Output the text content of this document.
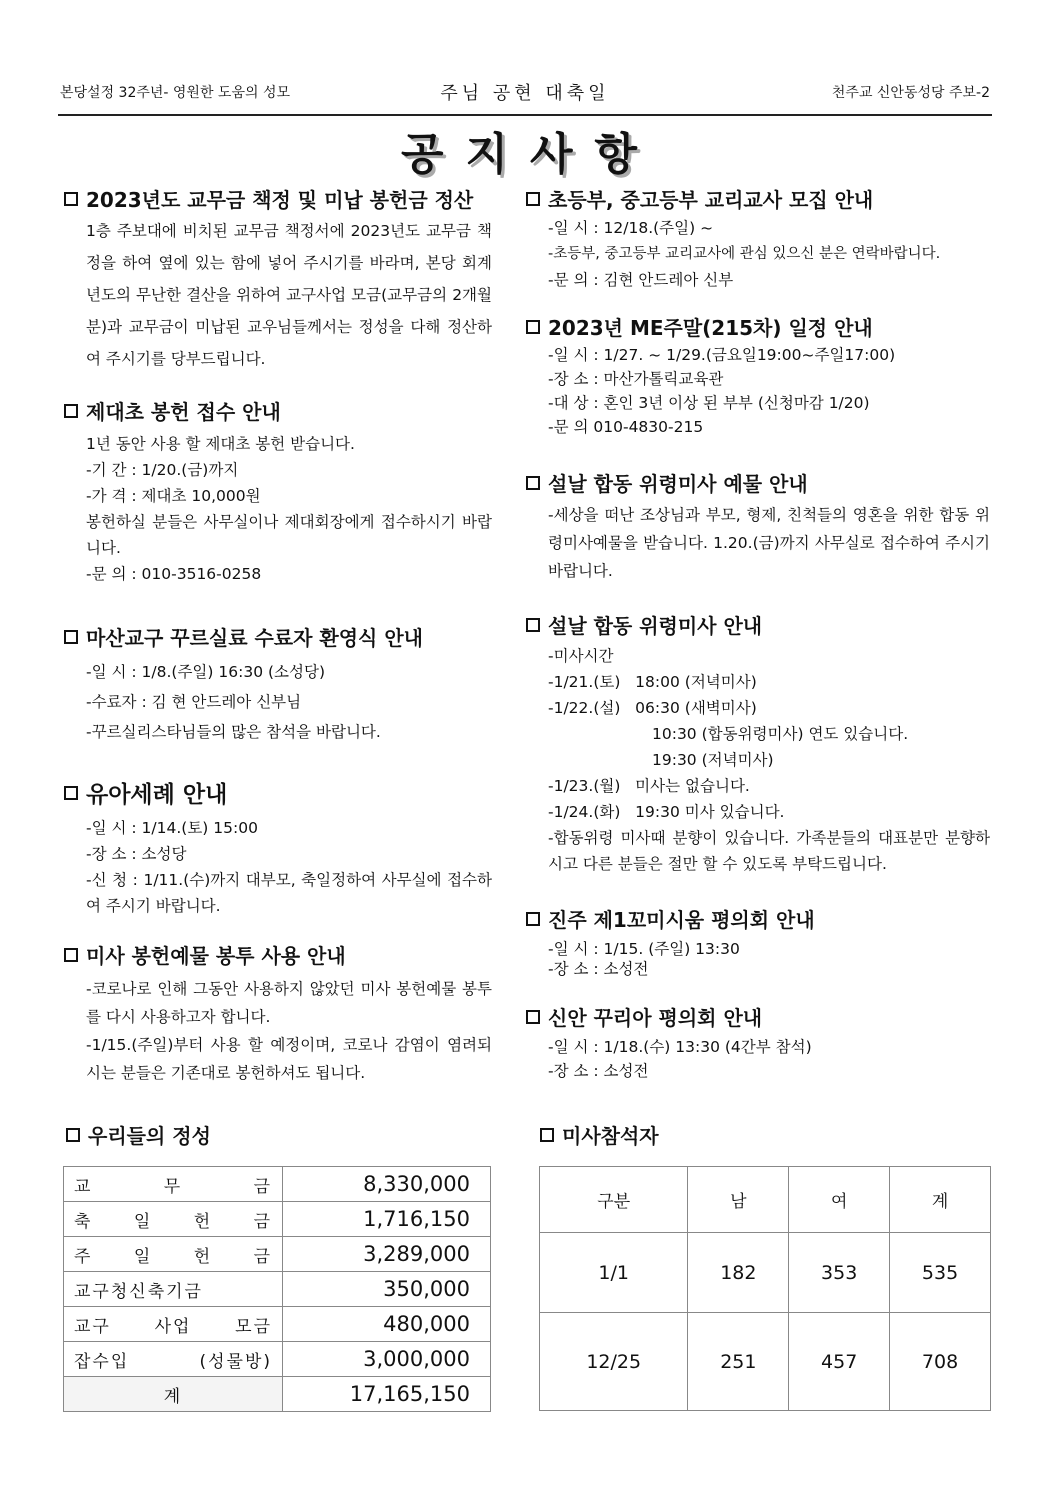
본당설정 32주년- 영원한 도움의 성모	주님 공현 대축일	천주교 신안동성당 주보-2
공지사항
2023년도 교무금 책정 및 미납 봉헌금 정산

1층 주보대에 비치된 교무금 책정서에 2023년도 교무금 책정을 하여 옆에 있는 함에 넣어 주시기를 바라며, 본당 회계년도의 무난한 결산을 위하여 교구사업 모금(교무금의 2개월분)과 교무금이 미납된 교우님들께서는 정성을 다해 정산하여 주시기를 당부드립니다.

제대초 봉헌 접수 안내

1년 동안 사용 할 제대초 봉헌 받습니다.

-기 간 : 1/20.(금)까지

-가 격 : 제대초 10,000원

봉헌하실 분들은 사무실이나 제대회장에게 접수하시기 바랍니다.

-문 의 : 010-3516-0258

마산교구 꾸르실료 수료자 환영식 안내

-일 시 : 1/8.(주일) 16:30 (소성당)

-수료자 : 김 현 안드레아 신부님

-꾸르실리스타님들의 많은 참석을 바랍니다.

유아세례 안내

-일 시 : 1/14.(토) 15:00

-장 소 : 소성당

-신 청 : 1/11.(수)까지 대부모, 축일정하여 사무실에 접수하여 주시기 바랍니다.

미사 봉헌예물 봉투 사용 안내

-코로나로 인해 그동안 사용하지 않았던 미사 봉헌예물 봉투를 다시 사용하고자 합니다.

-1/15.(주일)부터 사용 할 예정이며, 코로나 감염이 염려되시는 분들은 기존대로 봉헌하셔도 됩니다.

초등부, 중고등부 교리교사 모집 안내

-일 시 : 12/18.(주일) ~

-초등부, 중고등부 교리교사에 관심 있으신 분은 연락바랍니다.

-문 의 : 김현 안드레아 신부

2023년 ME주말(215차) 일정 안내

-일 시 : 1/27. ~ 1/29.(금요일19:00~주일17:00)

-장 소 : 마산가톨릭교육관

-대 상 : 혼인 3년 이상 된 부부 (신청마감 1/20)

-문 의 010-4830-215

설날 합동 위령미사 예물 안내

-세상을 떠난 조상님과 부모, 형제, 친척들의 영혼을 위한 합동 위령미사예물을 받습니다. 1.20.(금)까지 사무실로 접수하여 주시기 바랍니다.

설날 합동 위령미사 안내

-미사시간

-1/21.(토)   18:00 (저녁미사)

-1/22.(설)   06:30 (새벽미사)

10:30 (합동위령미사) 연도 있습니다.

19:30 (저녁미사)

-1/23.(월)   미사는 없습니다.

-1/24.(화)   19:30 미사 있습니다.

-합동위령 미사때 분향이 있습니다. 가족분들의 대표분만 분향하시고 다른 분들은 절만 할 수 있도록 부탁드립니다.

진주 제1꼬미시움 평의회 안내

-일 시 : 1/15. (주일) 13:30

-장 소 : 소성전

신안 꾸리아 평의회 안내

-일 시 : 1/18.(수) 13:30 (4간부 참석)

-장 소 : 소성전

우리들의 정성
교 무 금	8,330,000
축 일 헌 금	1,716,150
주 일 헌 금	3,289,000
교구청신축기금	350,000
교구 사업 모금	480,000
잡수입 (성물방)	3,000,000
계	17,165,150
미사참석자
구분	남	여	계
1/1	182	353	535
12/25	251	457	708
